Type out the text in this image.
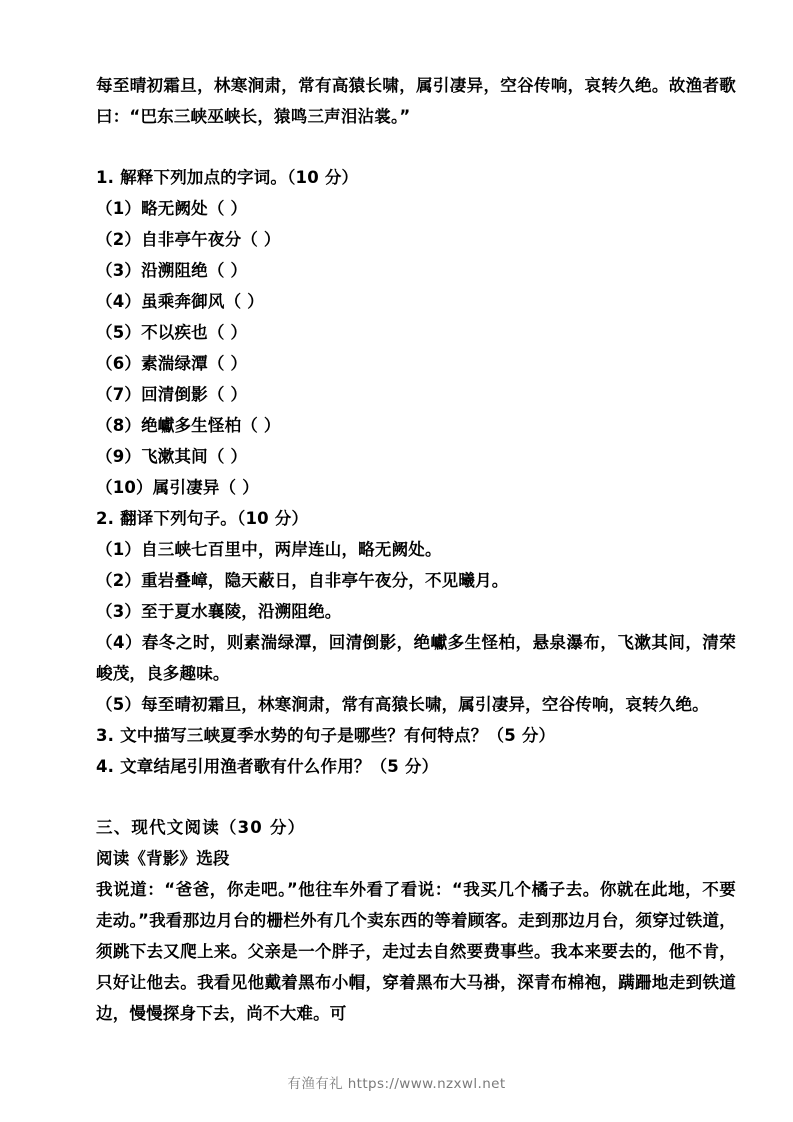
每至晴初霜旦，林寒涧肃，常有高猿长啸，属引凄异，空谷传响，哀转久绝。故渔者歌曰：“巴东三峡巫峡长，猿鸣三声泪沾裳。”

1. 解释下列加点的字词。（10 分）

（1）略无阙处（ ）

（2）自非亭午夜分（ ）

（3）沿溯阻绝（ ）

（4）虽乘奔御风（ ）

（5）不以疾也（ ）

（6）素湍绿潭（ ）

（7）回清倒影（ ）

（8）绝巘多生怪柏（ ）

（9）飞漱其间（ ）

（10）属引凄异（ ）

2. 翻译下列句子。（10 分）

（1）自三峡七百里中，两岸连山，略无阙处。

（2）重岩叠嶂，隐天蔽日，自非亭午夜分，不见曦月。

（3）至于夏水襄陵，沿溯阻绝。

（4）春冬之时，则素湍绿潭，回清倒影，绝巘多生怪柏，悬泉瀑布，飞漱其间，清荣峻茂，良多趣味。

（5）每至晴初霜旦，林寒涧肃，常有高猿长啸，属引凄异，空谷传响，哀转久绝。

3. 文中描写三峡夏季水势的句子是哪些？有何特点？（5 分）

4. 文章结尾引用渔者歌有什么作用？（5 分）

三、现代文阅读（30 分）

阅读《背影》选段

我说道：“爸爸，你走吧。”他往车外看了看说：“我买几个橘子去。你就在此地，不要走动。”我看那边月台的栅栏外有几个卖东西的等着顾客。走到那边月台，须穿过铁道，须跳下去又爬上来。父亲是一个胖子，走过去自然要费事些。我本来要去的，他不肯，只好让他去。我看见他戴着黑布小帽，穿着黑布大马褂，深青布棉袍，蹒跚地走到铁道边，慢慢探身下去，尚不大难。可

有渔有礼 https://www.nzxwl.net
